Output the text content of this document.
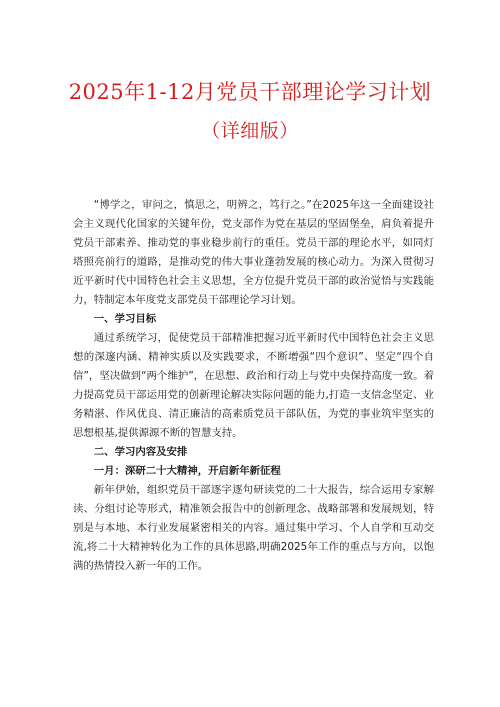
2025年1-12月党员干部理论学习计划
（详细版）

“博学之，审问之，慎思之，明辨之，笃行之。”在2025年这一全面建设社会主义现代化国家的关键年份，党支部作为党在基层的坚固堡垒，肩负着提升党员干部素养、推动党的事业稳步前行的重任。党员干部的理论水平，如同灯塔照亮前行的道路，是推动党的伟大事业蓬勃发展的核心动力。为深入贯彻习近平新时代中国特色社会主义思想，全方位提升党员干部的政治觉悟与实践能力，特制定本年度党支部党员干部理论学习计划。

一、学习目标

通过系统学习，促使党员干部精准把握习近平新时代中国特色社会主义思想的深邃内涵、精神实质以及实践要求，不断增强“四个意识”、坚定“四个自信”，坚决做到“两个维护”，在思想、政治和行动上与党中央保持高度一致。着力提高党员干部运用党的创新理论解决实际问题的能力,打造一支信念坚定、业务精湛、作风优良、清正廉洁的高素质党员干部队伍，为党的事业筑牢坚实的思想根基,提供源源不断的智慧支持。

二、学习内容及安排

一月：深研二十大精神，开启新年新征程

新年伊始，组织党员干部逐字逐句研读党的二十大报告，综合运用专家解读、分组讨论等形式，精准领会报告中的创新理念、战略部署和发展规划，特别是与本地、本行业发展紧密相关的内容。通过集中学习、个人自学和互动交流,将二十大精神转化为工作的具体思路,明确2025年工作的重点与方向，以饱满的热情投入新一年的工作。
